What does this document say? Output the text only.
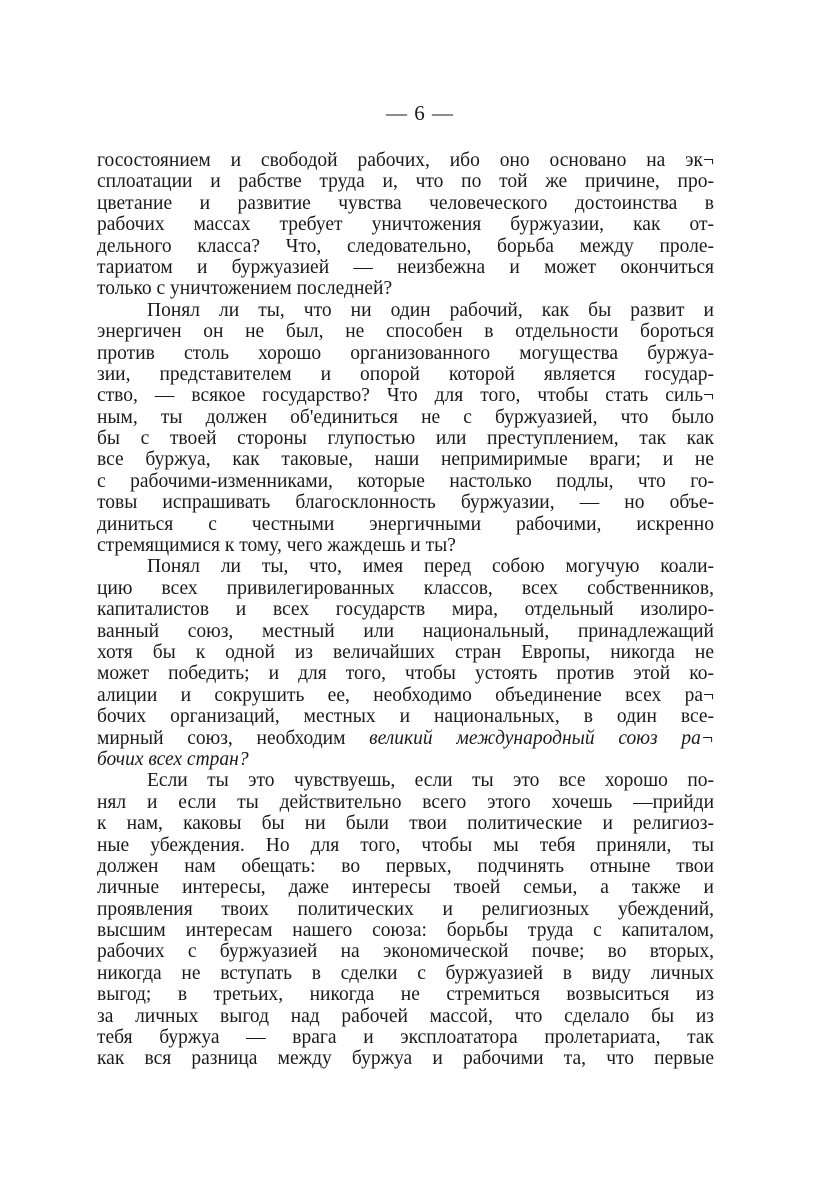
— 6 —
госостоянием и свободой рабочих, ибо оно основано на эк¬
сплоатации и рабстве труда и, что по той же причине, про-
цветание и развитие чувства человеческого достоинства в
рабочих массах требует уничтожения буржуазии, как от-
дельного класса? Что, следовательно, борьба между проле-
тариатом и буржуазией — неизбежна и может окончиться
только с уничтожением последней?
Понял ли ты, что ни один рабочий, как бы развит и
энергичен он не был, не способен в отдельности бороться
против столь хорошо организованного могущества буржуа-
зии, представителем и опорой которой является государ-
ство, — всякое государство? Что для того, чтобы стать силь¬
ным, ты должен об'единиться не с буржуазией, что было
бы с твоей стороны глупостью или преступлением, так как
все буржуа, как таковые, наши непримиримые враги; и не
с рабочими-изменниками, которые настолько подлы, что го-
товы испрашивать благосклонность буржуазии, — но объе-
диниться с честными энергичными рабочими, искренно
стремящимися к тому, чего жаждешь и ты?
Понял ли ты, что, имея перед собою могучую коали-
цию всех привилегированных классов, всех собственников,
капиталистов и всех государств мира, отдельный изолиро-
ванный союз, местный или национальный, принадлежащий
хотя бы к одной из величайших стран Европы, никогда не
может победить; и для того, чтобы устоять против этой ко-
алиции и сокрушить ее, необходимо объединение всех ра¬
бочих организаций, местных и национальных, в один все-
мирный союз, необходим великий международный союз ра¬
бочих всех стран?
Если ты это чувствуешь, если ты это все хорошо по-
нял и если ты действительно всего этого хочешь —прийди
к нам, каковы бы ни были твои политические и религиоз-
ные убеждения. Но для того, чтобы мы тебя приняли, ты
должен нам обещать: во первых, подчинять отныне твои
личные интересы, даже интересы твоей семьи, а также и
проявления твоих политических и религиозных убеждений,
высшим интересам нашего союза: борьбы труда с капиталом,
рабочих с буржуазией на экономической почве; во вторых,
никогда не вступать в сделки с буржуазией в виду личных
выгод; в третьих, никогда не стремиться возвыситься из
за личных выгод над рабочей массой, что сделало бы из
тебя буржуа — врага и эксплоататора пролетариата, так
как вся разница между буржуа и рабочими та, что первые
